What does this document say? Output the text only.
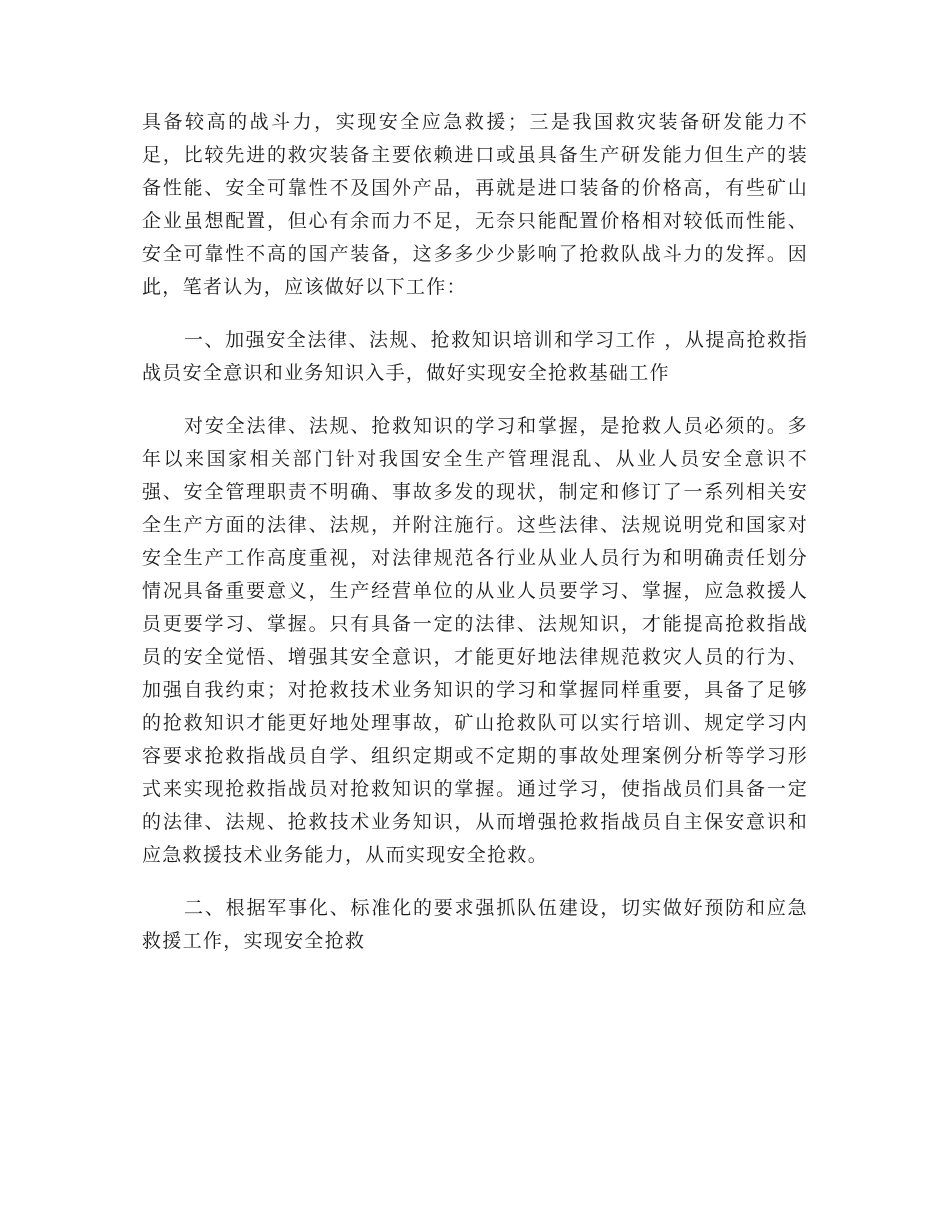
具备较高的战斗力，实现安全应急救援；三是我国救灾装备研发能力不足，比较先进的救灾装备主要依赖进口或虽具备生产研发能力但生产的装备性能、安全可靠性不及国外产品，再就是进口装备的价格高，有些矿山企业虽想配置，但心有余而力不足，无奈只能配置价格相对较低而性能、安全可靠性不高的国产装备，这多多少少影响了抢救队战斗力的发挥。因此，笔者认为，应该做好以下工作：

一、加强安全法律、法规、抢救知识培训和学习工作 ，从提高抢救指战员安全意识和业务知识入手，做好实现安全抢救基础工作

对安全法律、法规、抢救知识的学习和掌握，是抢救人员必须的。多年以来国家相关部门针对我国安全生产管理混乱、从业人员安全意识不强、安全管理职责不明确、事故多发的现状，制定和修订了一系列相关安全生产方面的法律、法规，并附注施行。这些法律、法规说明党和国家对安全生产工作高度重视，对法律规范各行业从业人员行为和明确责任划分情况具备重要意义，生产经营单位的从业人员要学习、掌握，应急救援人员更要学习、掌握。只有具备一定的法律、法规知识，才能提高抢救指战员的安全觉悟、增强其安全意识，才能更好地法律规范救灾人员的行为、加强自我约束；对抢救技术业务知识的学习和掌握同样重要，具备了足够的抢救知识才能更好地处理事故，矿山抢救队可以实行培训、规定学习内容要求抢救指战员自学、组织定期或不定期的事故处理案例分析等学习形式来实现抢救指战员对抢救知识的掌握。通过学习，使指战员们具备一定的法律、法规、抢救技术业务知识，从而增强抢救指战员自主保安意识和应急救援技术业务能力，从而实现安全抢救。

二、根据军事化、标准化的要求强抓队伍建设，切实做好预防和应急救援工作，实现安全抢救
